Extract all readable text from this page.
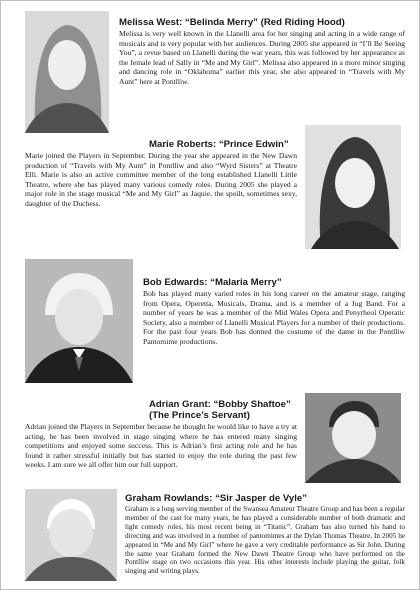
Melissa West: “Belinda Merry” (Red Riding Hood)

Melissa is very well known in the Llanelli area for her singing and acting in a wide range of musicals and is very popular with her audiences. During 2005 she appeared in “I’ll Be Seeing You”, a revue based on Llanelli during the war years, this was followed by her appearance as the female lead of Sally in “Me and My Girl”. Melissa also appeared in a more minor singing and dancing role in “Oklahoma” earlier this year, she also appeared in “Travels with My Aunt” here at Pontlliw.

Marie Roberts: “Prince Edwin”

Marie joined the Players in September. During the year she appeared in the New Dawn production of “Travels with My Aunt” in Pontlliw and also “Wyrd Sisters” at Theatre Elli. Marie is also an active committee member of the long established Llanelli Little Theatre, where she has played many various comedy roles. During 2005 she played a major role in the stage musical “Me and My Girl” as Jaquie, the spoilt, sometimes sexy, daughter of the Duchess.

Bob Edwards: “Malaria Merry”

Bob has played many varied roles in his long career on the amateur stage, ranging from Opera, Operetta, Musicals, Drama, and is a member of a Jug Band. For a number of years he was a member of the Mid Wales Opera and Penyrheol Operatic Society, also a member of Llanelli Musical Players for a number of their productions. For the past four years Bob has donned the costume of the dame in the Pontlliw Pantomime productions.

Adrian Grant: “Bobby Shaftoe” (The Prince’s Servant)

Adrian joined the Players in September because he thought he would like to have a try at acting, he has been involved in stage singing where he has entered many singing competitions and enjoyed some success. This is Adrian’s first acting role and he has found it rather stressful initially but has started to enjoy the role during the past few weeks. I am sure we all offer him our full support.

Graham Rowlands: “Sir Jasper de Vyle”

Graham is a long serving member of the Swansea Amateur Theatre Group and has been a regular member of the cast for many years, he has played a considerable number of both dramatic and light comedy roles, his most recent being in “Titanic”. Graham has also turned his hand to directing and was involved in a number of pantomimes at the Dylan Thomas Theatre. In 2005 he appeared in “Me and My Girl” where he gave a very creditable performance as Sir John. During the same year Graham formed the New Dawn Theatre Group who have performed on the Pontlliw stage on two occasions this year. His other interests include playing the guitar, folk singing and writing plays.
